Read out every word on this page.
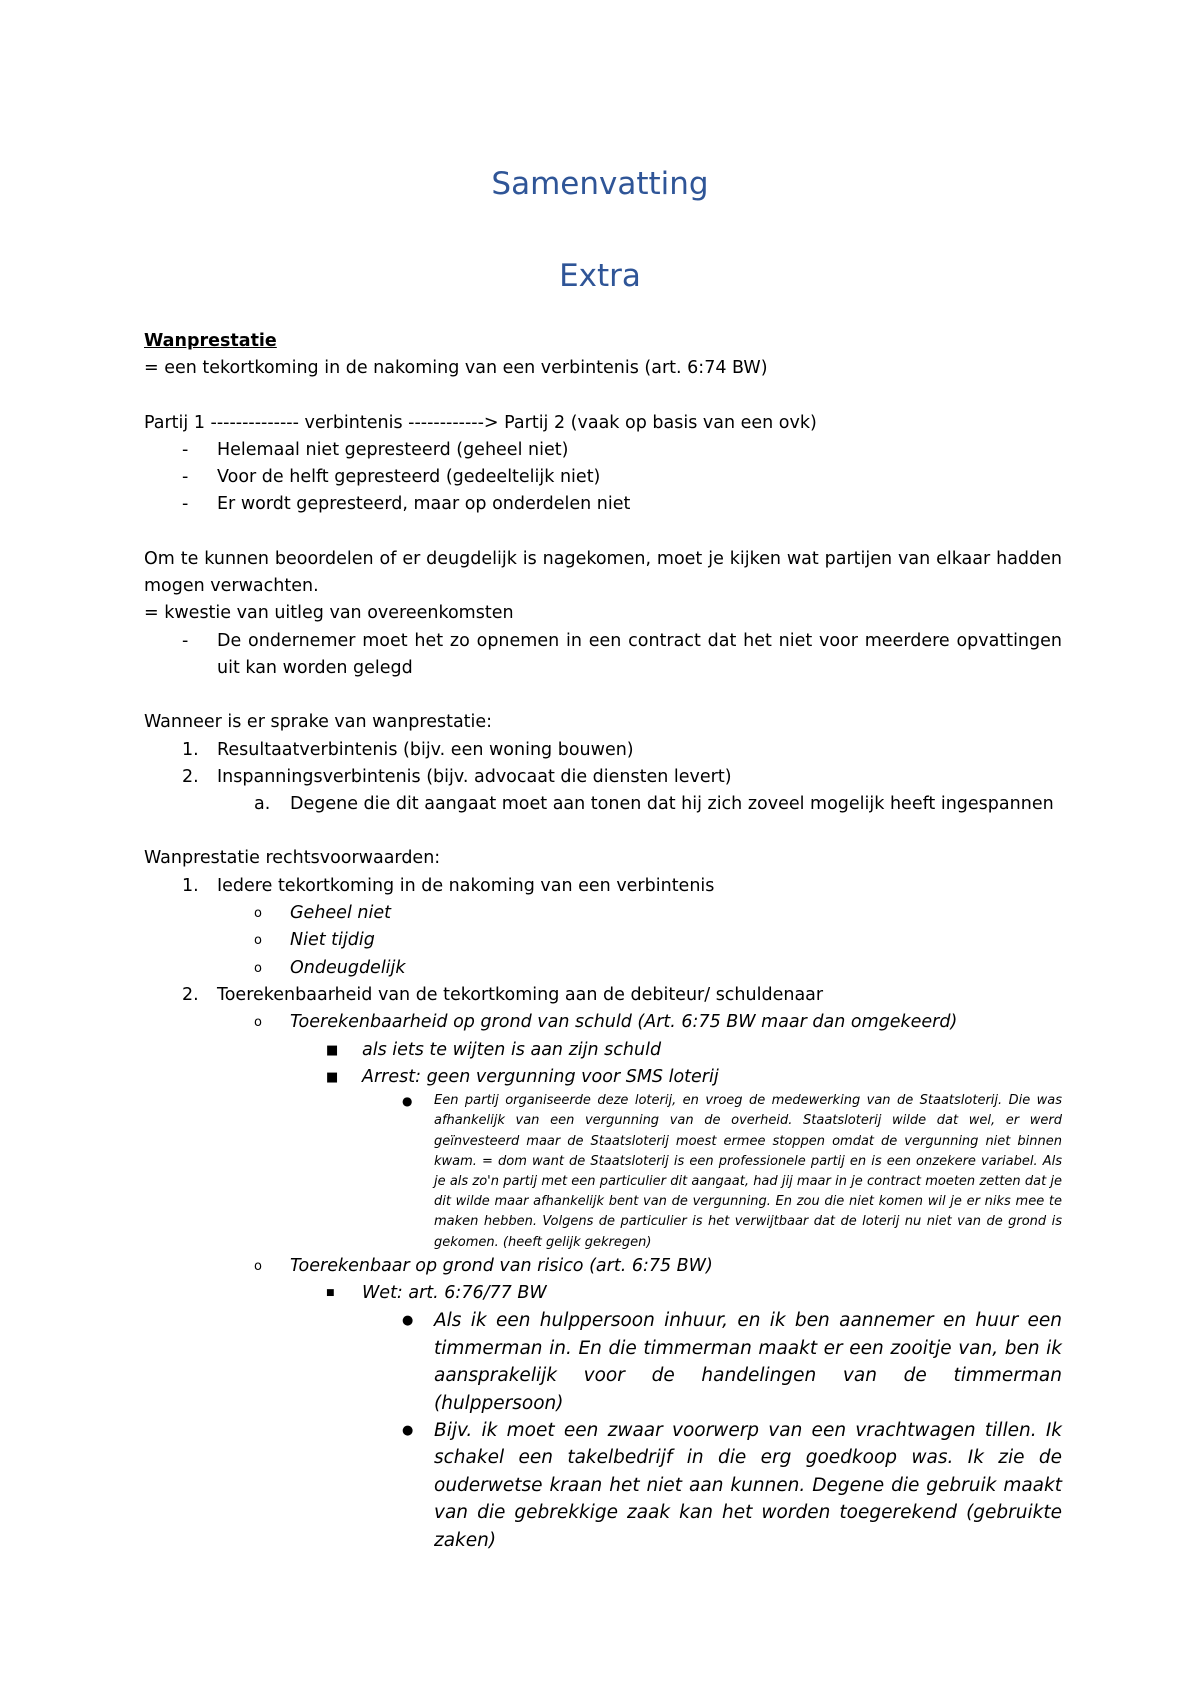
Samenvatting
Extra
Wanprestatie
= een tekortkoming in de nakoming van een verbintenis (art. 6:74 BW)
Partij 1 -------------- verbintenis ------------> Partij 2 (vaak op basis van een ovk)
- Helemaal niet gepresteerd (geheel niet)
- Voor de helft gepresteerd (gedeeltelijk niet)
- Er wordt gepresteerd, maar op onderdelen niet
Om te kunnen beoordelen of er deugdelijk is nagekomen, moet je kijken wat partijen van elkaar hadden mogen verwachten.
= kwestie van uitleg van overeenkomsten
- De ondernemer moet het zo opnemen in een contract dat het niet voor meerdere opvattingen uit kan worden gelegd
Wanneer is er sprake van wanprestatie:
1. Resultaatverbintenis (bijv. een woning bouwen)
2. Inspanningsverbintenis (bijv. advocaat die diensten levert)
a. Degene die dit aangaat moet aan tonen dat hij zich zoveel mogelijk heeft ingespannen
Wanprestatie rechtsvoorwaarden:
1. Iedere tekortkoming in de nakoming van een verbintenis
o Geheel niet
o Niet tijdig
o Ondeugdelijk
2. Toerekenbaarheid van de tekortkoming aan de debiteur/ schuldenaar
o Toerekenbaarheid op grond van schuld (Art. 6:75 BW maar dan omgekeerd)
■ als iets te wijten is aan zijn schuld
■ Arrest: geen vergunning voor SMS loterij
● Een partij organiseerde deze loterij, en vroeg de medewerking van de Staatsloterij. Die was afhankelijk van een vergunning van de overheid. Staatsloterij wilde dat wel, er werd geïnvesteerd maar de Staatsloterij moest ermee stoppen omdat de vergunning niet binnen kwam. = dom want de Staatsloterij is een professionele partij en is een onzekere variabel. Als je als zo'n partij met een particulier dit aangaat, had jij maar in je contract moeten zetten dat je dit wilde maar afhankelijk bent van de vergunning. En zou die niet komen wil je er niks mee te maken hebben. Volgens de particulier is het verwijtbaar dat de loterij nu niet van de grond is gekomen. (heeft gelijk gekregen)
o Toerekenbaar op grond van risico (art. 6:75 BW)
■ Wet: art. 6:76/77 BW
● Als ik een hulppersoon inhuur, en ik ben aannemer en huur een timmerman in. En die timmerman maakt er een zooitje van, ben ik aansprakelijk voor de handelingen van de timmerman (hulppersoon)
● Bijv. ik moet een zwaar voorwerp van een vrachtwagen tillen. Ik schakel een takelbedrijf in die erg goedkoop was. Ik zie de ouderwetse kraan het niet aan kunnen. Degene die gebruik maakt van die gebrekkige zaak kan het worden toegerekend (gebruikte zaken)
